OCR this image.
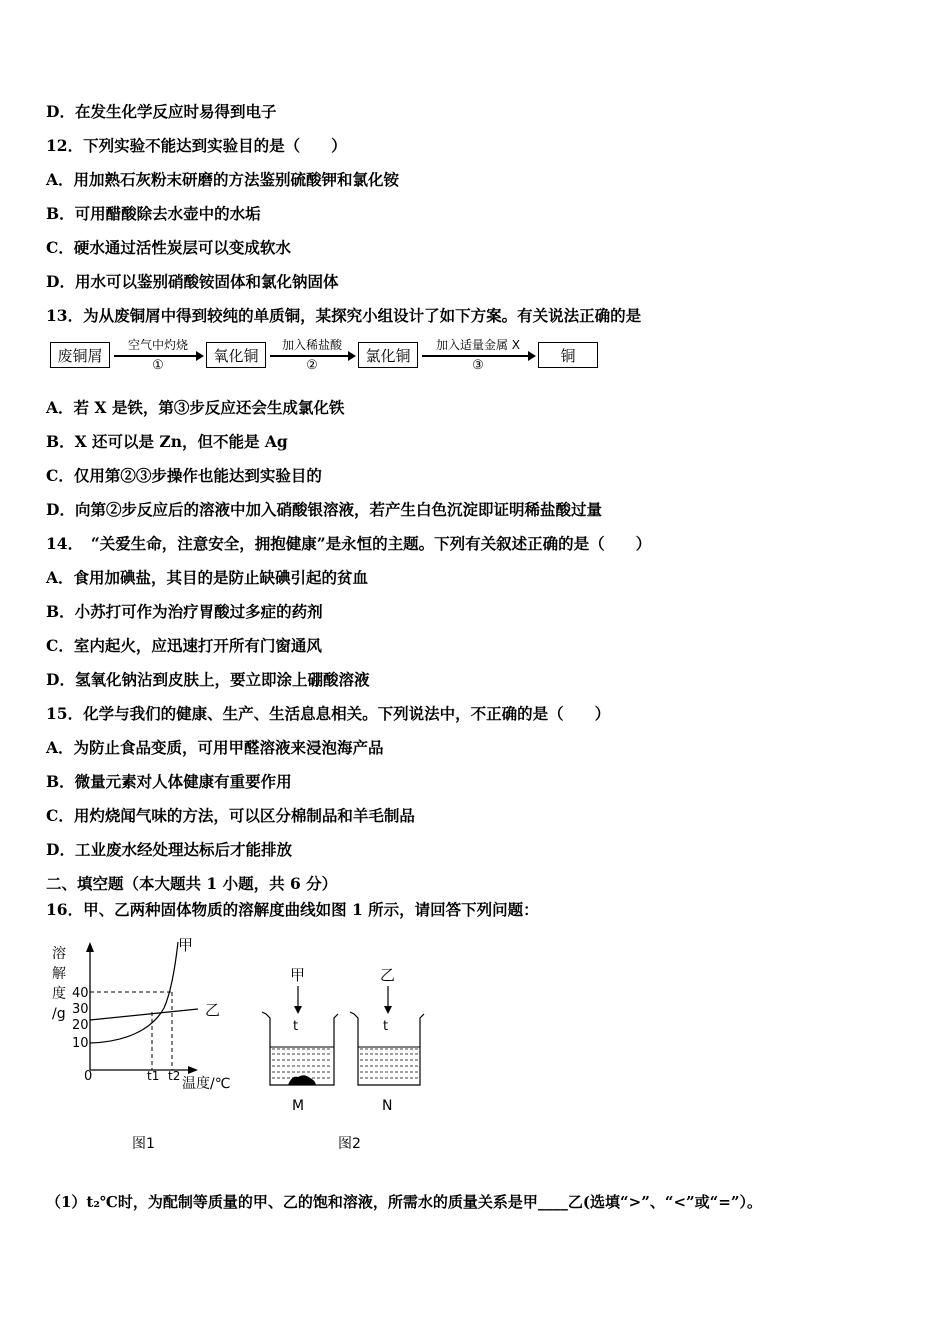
D．在发生化学反应时易得到电子
12．下列实验不能达到实验目的是（　　）
A．用加熟石灰粉末研磨的方法鉴别硫酸钾和氯化铵
B．可用醋酸除去水壶中的水垢
C．硬水通过活性炭层可以变成软水
D．用水可以鉴别硝酸铵固体和氯化钠固体
13．为从废铜屑中得到较纯的单质铜，某探究小组设计了如下方案。有关说法正确的是
废铜屑
空气中灼烧
①
氧化铜
加入稀盐酸
②
氯化铜
加入适量金属 X
③
铜
A．若 X 是铁，第③步反应还会生成氯化铁
B．X 还可以是 Zn，但不能是 Ag
C．仅用第②③步操作也能达到实验目的
D．向第②步反应后的溶液中加入硝酸银溶液，若产生白色沉淀即证明稀盐酸过量
14．　“关爱生命，注意安全，拥抱健康”是永恒的主题。下列有关叙述正确的是（　　）
A．食用加碘盐，其目的是防止缺碘引起的贫血
B．小苏打可作为治疗胃酸过多症的药剂
C．室内起火，应迅速打开所有门窗通风
D．氢氧化钠沾到皮肤上，要立即涂上硼酸溶液
15．化学与我们的健康、生产、生活息息相关。下列说法中，不正确的是（　　）
A．为防止食品变质，可用甲醛溶液来浸泡海产品
B．微量元素对人体健康有重要作用
C．用灼烧闻气味的方法，可以区分棉制品和羊毛制品
D．工业废水经处理达标后才能排放
二、填空题（本大题共 1 小题，共 6 分）
16．甲、乙两种固体物质的溶解度曲线如图 1 所示，请回答下列问题：
溶
解
度
/g
40
30
20
10
0	t1 t2 温度/℃
甲
乙
图1
甲
t
M
乙
t
N
图2
（1）t₂℃时，为配制等质量的甲、乙的饱和溶液，所需水的质量关系是甲____乙(选填“>”、“<”或“=”）。
